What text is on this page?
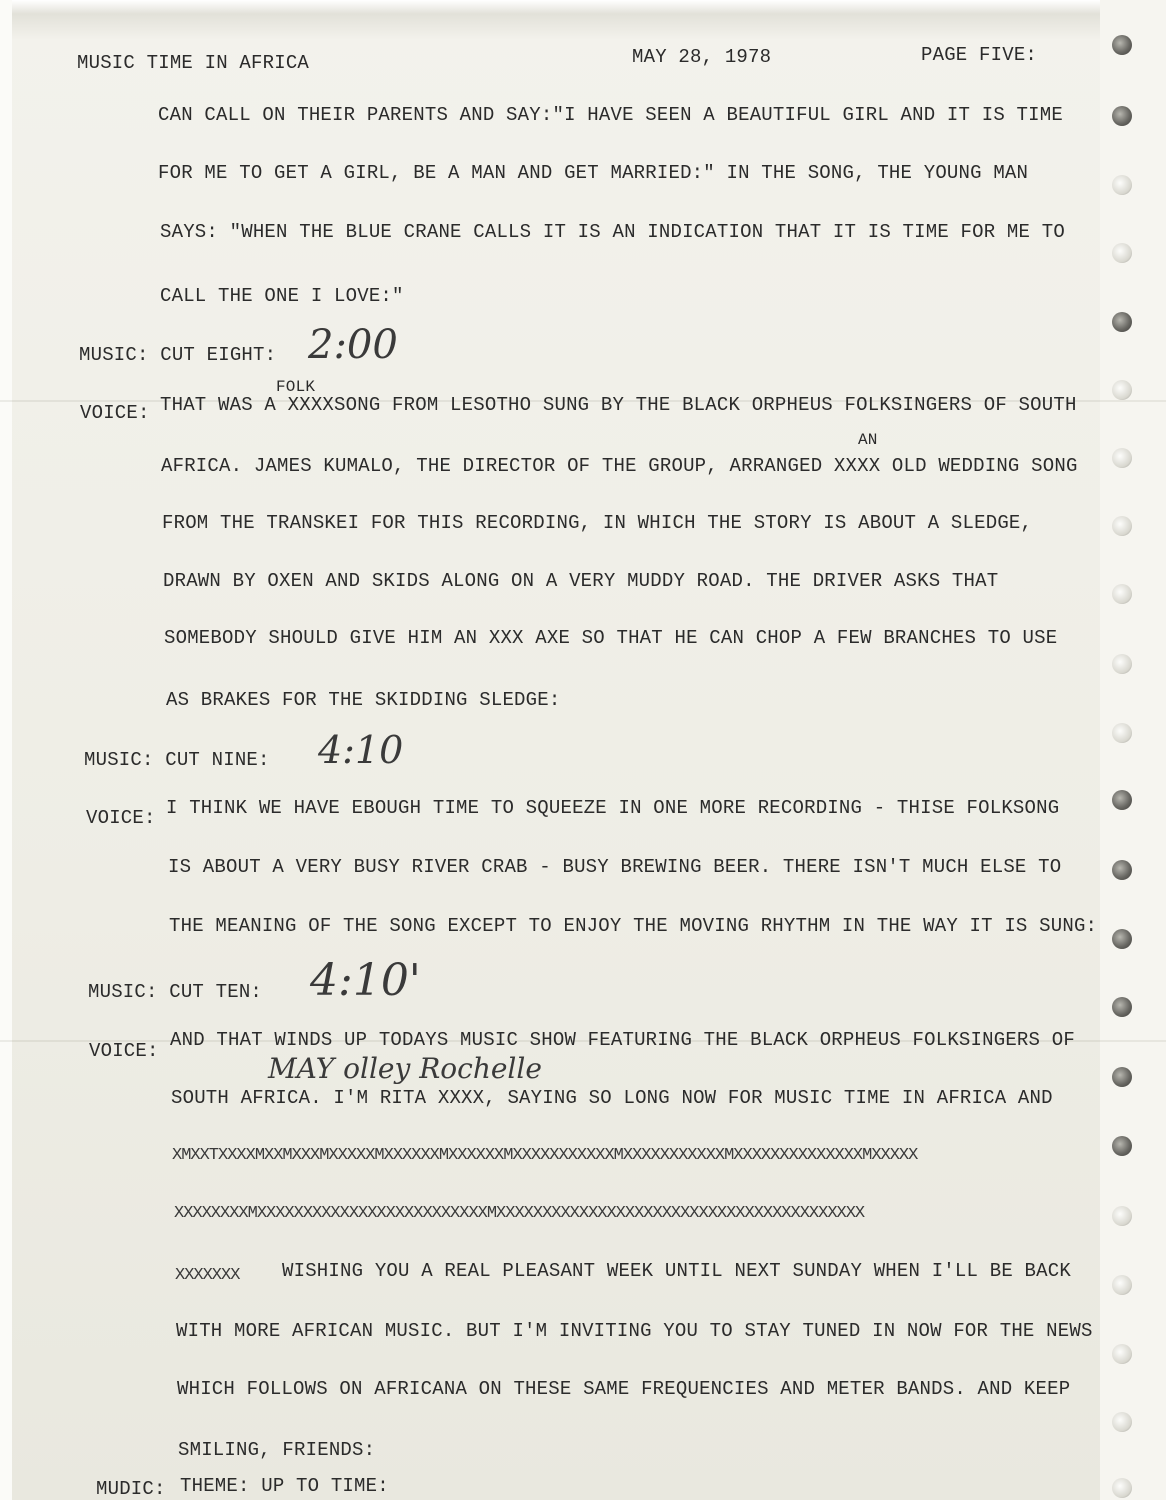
MUSIC TIME IN AFRICA	MAY 28, 1978	PAGE FIVE:
CAN CALL ON THEIR PARENTS AND SAY:"I HAVE SEEN A BEAUTIFUL GIRL AND IT IS TIME
FOR ME TO GET A GIRL, BE A MAN AND GET MARRIED:" IN THE SONG, THE YOUNG MAN
SAYS: "WHEN THE BLUE CRANE CALLS IT IS AN INDICATION THAT IT IS TIME FOR ME TO
CALL THE ONE I LOVE:"
MUSIC: CUT EIGHT: 2:00
FOLK
VOICE: THAT WAS A XXXXSONG FROM LESOTHO SUNG BY THE BLACK ORPHEUS FOLKSINGERS OF SOUTH
AN
AFRICA. JAMES KUMALO, THE DIRECTOR OF THE GROUP, ARRANGED XXXX OLD WEDDING SONG
FROM THE TRANSKEI FOR THIS RECORDING, IN WHICH THE STORY IS ABOUT A SLEDGE,
DRAWN BY OXEN AND SKIDS ALONG ON A VERY MUDDY ROAD. THE DRIVER ASKS THAT
SOMEBODY SHOULD GIVE HIM AN XXX AXE SO THAT HE CAN CHOP A FEW BRANCHES TO USE
AS BRAKES FOR THE SKIDDING SLEDGE:
MUSIC: CUT NINE: 4:10
VOICE: I THINK WE HAVE EBOUGH TIME TO SQUEEZE IN ONE MORE RECORDING - THISE FOLKSONG
IS ABOUT A VERY BUSY RIVER CRAB - BUSY BREWING BEER. THERE ISN'T MUCH ELSE TO
THE MEANING OF THE SONG EXCEPT TO ENJOY THE MOVING RHYTHM IN THE WAY IT IS SUNG:
MUSIC: CUT TEN: 4:10'
VOICE: AND THAT WINDS UP TODAYS MUSIC SHOW FEATURING THE BLACK ORPHEUS FOLKSINGERS OF
MAY olley Rochelle
SOUTH AFRICA. I'M RITA XXXX, SAYING SO LONG NOW FOR MUSIC TIME IN AFRICA AND
XMXXTXXXXMXXMXXXMXXXXXMXXXXXXMXXXXXXMXXXXXXXXXXXMXXXXXXXXXXXMXXXXXXXXXXXXXXMXXXXX
XXXXXXXXMXXXXXXXXXXXXXXXXXXXXXXXXXMXXXXXXXXXXXXXXXXXXXXXXXXXXXXXXXXXXXXXXXX
XXXXXXX WISHING YOU A REAL PLEASANT WEEK UNTIL NEXT SUNDAY WHEN I'LL BE BACK
WITH MORE AFRICAN MUSIC. BUT I'M INVITING YOU TO STAY TUNED IN NOW FOR THE NEWS
WHICH FOLLOWS ON AFRICANA ON THESE SAME FREQUENCIES AND METER BANDS. AND KEEP
SMILING, FRIENDS:
MUDIC: THEME: UP TO TIME:
